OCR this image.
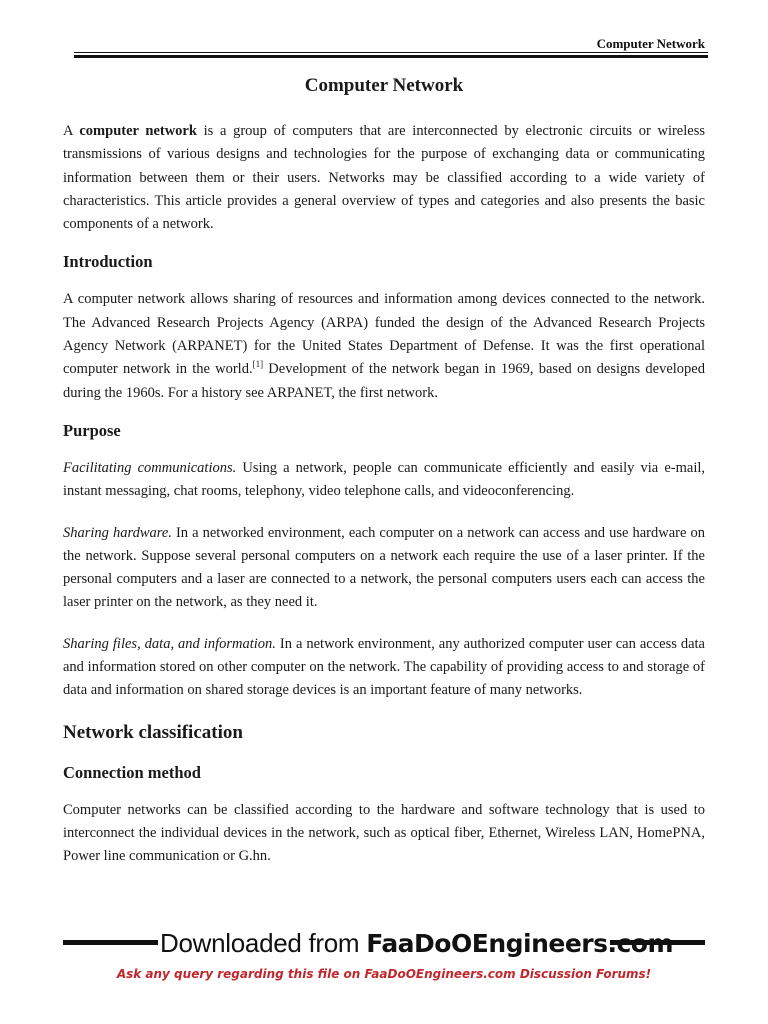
Computer Network
Computer Network

A computer network is a group of computers that are interconnected by electronic circuits or wireless transmissions of various designs and technologies for the purpose of exchanging data or communicating information between them or their users. Networks may be classified according to a wide variety of characteristics. This article provides a general overview of types and categories and also presents the basic components of a network.

Introduction

A computer network allows sharing of resources and information among devices connected to the network. The Advanced Research Projects Agency (ARPA) funded the design of the Advanced Research Projects Agency Network (ARPANET) for the United States Department of Defense. It was the first operational computer network in the world.[1] Development of the network began in 1969, based on designs developed during the 1960s. For a history see ARPANET, the first network.

Purpose

Facilitating communications. Using a network, people can communicate efficiently and easily via e-mail, instant messaging, chat rooms, telephony, video telephone calls, and videoconferencing.

Sharing hardware. In a networked environment, each computer on a network can access and use hardware on the network. Suppose several personal computers on a network each require the use of a laser printer. If the personal computers and a laser are connected to a network, the personal computers users each can access the laser printer on the network, as they need it.

Sharing files, data, and information. In a network environment, any authorized computer user can access data and information stored on other computer on the network. The capability of providing access to and storage of data and information on shared storage devices is an important feature of many networks.

Network classification
Connection method

Computer networks can be classified according to the hardware and software technology that is used to interconnect the individual devices in the network, such as optical fiber, Ethernet, Wireless LAN, HomePNA, Power line communication or G.hn.

Downloaded from FaaDoOEngineers.com
Ask any query regarding this file on FaaDoOEngineers.com Discussion Forums!
